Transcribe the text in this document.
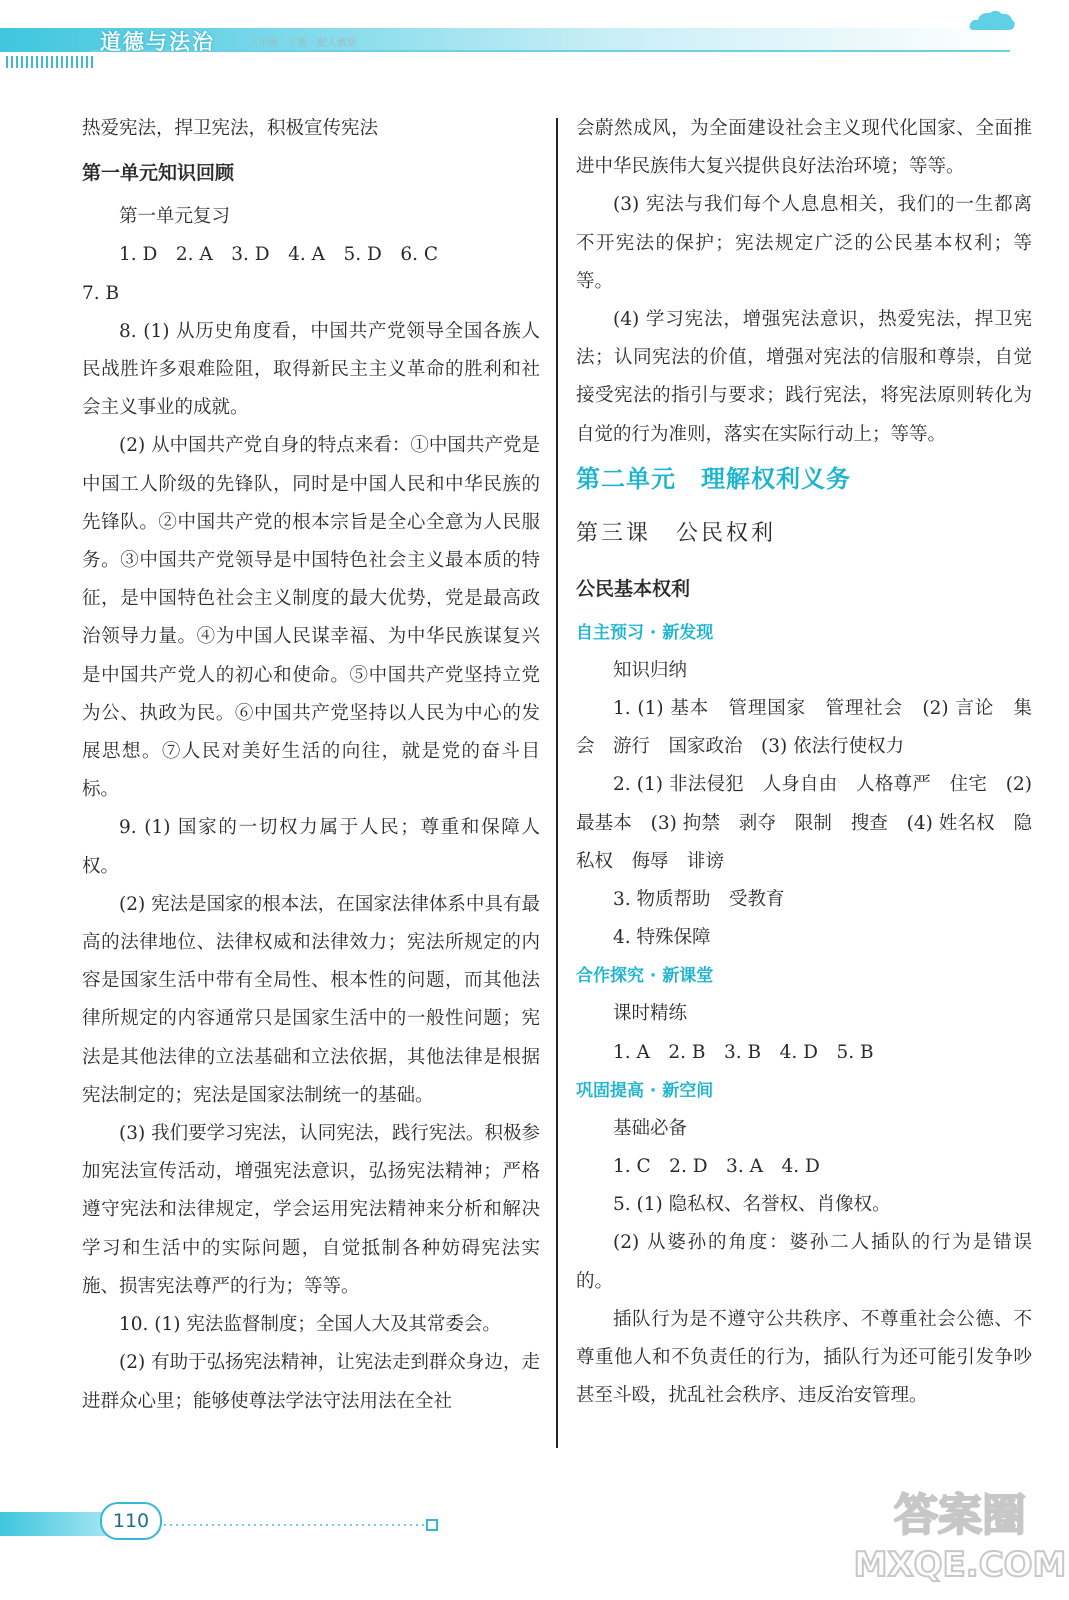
道德与法治	八年级 · 下册 · 配人教版

热爱宪法，捍卫宪法，积极宣传宪法

第一单元知识回顾

第一单元复习

1. D　2. A　3. D　4. A　5. D　6. C

7. B

8. (1) 从历史角度看，中国共产党领导全国各族人民战胜许多艰难险阻，取得新民主主义革命的胜利和社会主义事业的成就。

(2) 从中国共产党自身的特点来看：①中国共产党是中国工人阶级的先锋队，同时是中国人民和中华民族的先锋队。②中国共产党的根本宗旨是全心全意为人民服务。③中国共产党领导是中国特色社会主义最本质的特征，是中国特色社会主义制度的最大优势，党是最高政治领导力量。④为中国人民谋幸福、为中华民族谋复兴是中国共产党人的初心和使命。⑤中国共产党坚持立党为公、执政为民。⑥中国共产党坚持以人民为中心的发展思想。⑦人民对美好生活的向往，就是党的奋斗目标。

9. (1) 国家的一切权力属于人民；尊重和保障人权。

(2) 宪法是国家的根本法，在国家法律体系中具有最高的法律地位、法律权威和法律效力；宪法所规定的内容是国家生活中带有全局性、根本性的问题，而其他法律所规定的内容通常只是国家生活中的一般性问题；宪法是其他法律的立法基础和立法依据，其他法律是根据宪法制定的；宪法是国家法制统一的基础。

(3) 我们要学习宪法，认同宪法，践行宪法。积极参加宪法宣传活动，增强宪法意识，弘扬宪法精神；严格遵守宪法和法律规定，学会运用宪法精神来分析和解决学习和生活中的实际问题，自觉抵制各种妨碍宪法实施、损害宪法尊严的行为；等等。

10. (1) 宪法监督制度；全国人大及其常委会。

(2) 有助于弘扬宪法精神，让宪法走到群众身边，走进群众心里；能够使尊法学法守法用法在全社

会蔚然成风，为全面建设社会主义现代化国家、全面推进中华民族伟大复兴提供良好法治环境；等等。

(3) 宪法与我们每个人息息相关，我们的一生都离不开宪法的保护；宪法规定广泛的公民基本权利；等等。

(4) 学习宪法，增强宪法意识，热爱宪法，捍卫宪法；认同宪法的价值，增强对宪法的信服和尊崇，自觉接受宪法的指引与要求；践行宪法，将宪法原则转化为自觉的行为准则，落实在实际行动上；等等。

第二单元　理解权利义务

第三课　公民权利

公民基本权利

自主预习 · 新发现

知识归纳

1. (1) 基本　管理国家　管理社会　(2) 言论　集会　游行　国家政治　(3) 依法行使权力

2. (1) 非法侵犯　人身自由　人格尊严　住宅　(2) 最基本　(3) 拘禁　剥夺　限制　搜查　(4) 姓名权　隐私权　侮辱　诽谤

3. 物质帮助　受教育

4. 特殊保障

合作探究 · 新课堂

课时精练

1. A　2. B　3. B　4. D　5. B

巩固提高 · 新空间

基础必备

1. C　2. D　3. A　4. D

5. (1) 隐私权、名誉权、肖像权。

(2) 从婆孙的角度：婆孙二人插队的行为是错误的。

插队行为是不遵守公共秩序、不尊重社会公德、不尊重他人和不负责任的行为，插队行为还可能引发争吵甚至斗殴，扰乱社会秩序、违反治安管理。

110	答案圈
MXQE.COM
